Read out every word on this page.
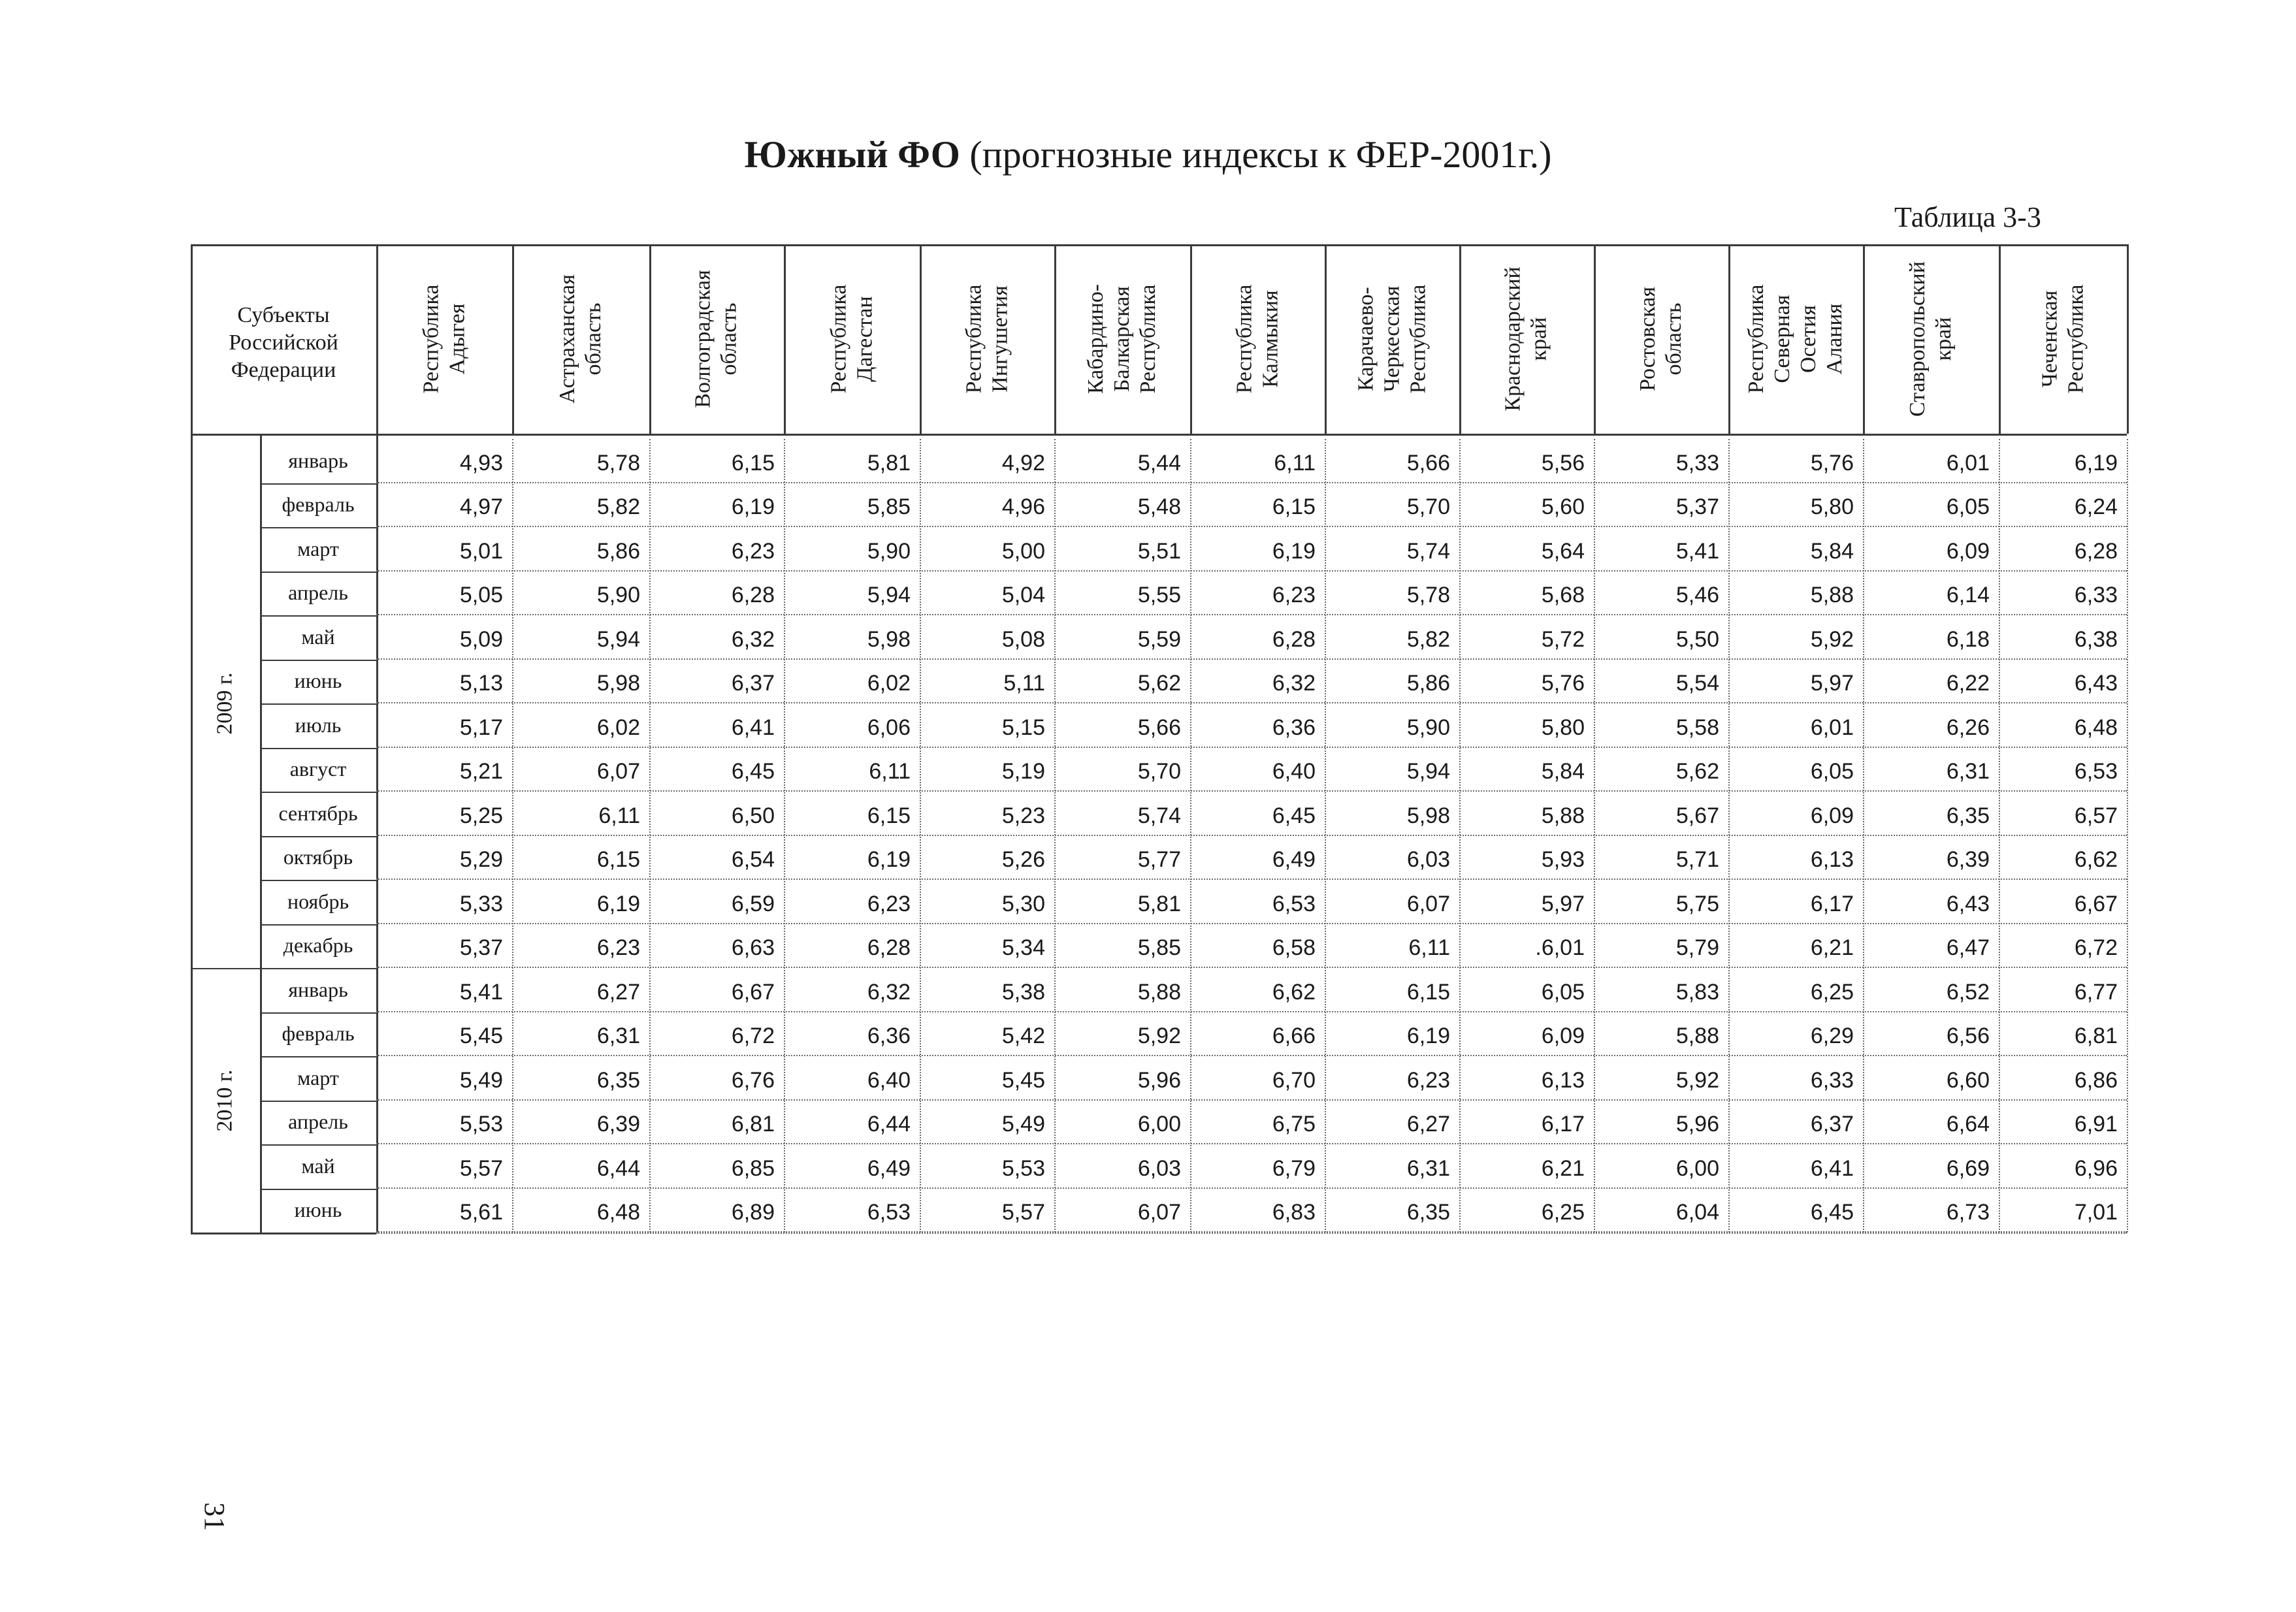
Южный ФО (прогнозные индексы к ФЕР-2001г.)
Таблица 3-3
Субъекты
Российской
Федерации	Республика
Адыгея	Астраханская
область	Волгоградская
область	Республика
Дагестан	Республика
Ингушетия	Кабардино-
Балкарская
Республика	Республика
Калмыкия	Карачаево-
Черкесская
Республика	Краснодарский
край	Ростовская
область	Республика
Северная
Осетия Алания	Ставропольский
край	Чеченская
Республика
2009 г.
январь	4,93	5,78	6,15	5,81	4,92	5,44	6,11	5,66	5,56	5,33	5,76	6,01	6,19
февраль	4,97	5,82	6,19	5,85	4,96	5,48	6,15	5,70	5,60	5,37	5,80	6,05	6,24
март	5,01	5,86	6,23	5,90	5,00	5,51	6,19	5,74	5,64	5,41	5,84	6,09	6,28
апрель	5,05	5,90	6,28	5,94	5,04	5,55	6,23	5,78	5,68	5,46	5,88	6,14	6,33
май	5,09	5,94	6,32	5,98	5,08	5,59	6,28	5,82	5,72	5,50	5,92	6,18	6,38
июнь	5,13	5,98	6,37	6,02	5,11	5,62	6,32	5,86	5,76	5,54	5,97	6,22	6,43
июль	5,17	6,02	6,41	6,06	5,15	5,66	6,36	5,90	5,80	5,58	6,01	6,26	6,48
август	5,21	6,07	6,45	6,11	5,19	5,70	6,40	5,94	5,84	5,62	6,05	6,31	6,53
сентябрь	5,25	6,11	6,50	6,15	5,23	5,74	6,45	5,98	5,88	5,67	6,09	6,35	6,57
октябрь	5,29	6,15	6,54	6,19	5,26	5,77	6,49	6,03	5,93	5,71	6,13	6,39	6,62
ноябрь	5,33	6,19	6,59	6,23	5,30	5,81	6,53	6,07	5,97	5,75	6,17	6,43	6,67
декабрь	5,37	6,23	6,63	6,28	5,34	5,85	6,58	6,11	.6,01	5,79	6,21	6,47	6,72
2010 г.
январь	5,41	6,27	6,67	6,32	5,38	5,88	6,62	6,15	6,05	5,83	6,25	6,52	6,77
февраль	5,45	6,31	6,72	6,36	5,42	5,92	6,66	6,19	6,09	5,88	6,29	6,56	6,81
март	5,49	6,35	6,76	6,40	5,45	5,96	6,70	6,23	6,13	5,92	6,33	6,60	6,86
апрель	5,53	6,39	6,81	6,44	5,49	6,00	6,75	6,27	6,17	5,96	6,37	6,64	6,91
май	5,57	6,44	6,85	6,49	5,53	6,03	6,79	6,31	6,21	6,00	6,41	6,69	6,96
июнь	5,61	6,48	6,89	6,53	5,57	6,07	6,83	6,35	6,25	6,04	6,45	6,73	7,01
31
